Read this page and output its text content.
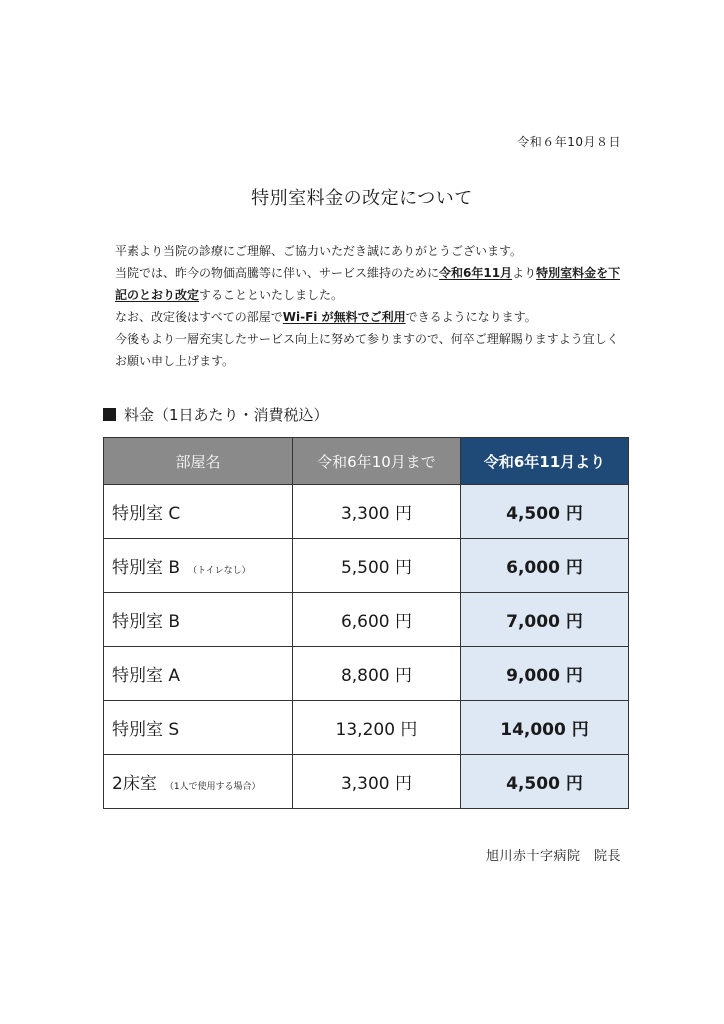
令和６年10月８日
特別室料金の改定について

平素より当院の診療にご理解、ご協力いただき誠にありがとうございます。

当院では、昨今の物価高騰等に伴い、サービス維持のために令和6年11月より特別室料金を下記のとおり改定することといたしました。

なお、改定後はすべての部屋でWi-Fi が無料でご利用できるようになります。

今後もより一層充実したサービス向上に努めて参りますので、何卒ご理解賜りますよう宜しくお願い申し上げます。

料金（1日あたり・消費税込）
部屋名	令和6年10月まで	令和6年11月より
特別室 C	3,300 円	4,500 円
特別室 B （トイレなし）	5,500 円	6,000 円
特別室 B	6,600 円	7,000 円
特別室 A	8,800 円	9,000 円
特別室 S	13,200 円	14,000 円
2床室 （1人で使用する場合）	3,300 円	4,500 円
旭川赤十字病院　院長
